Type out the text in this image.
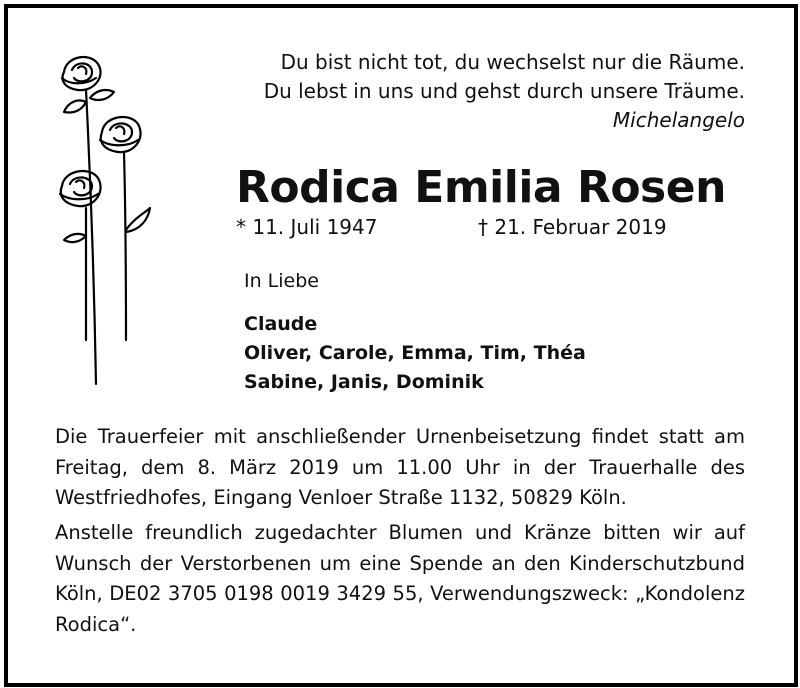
Du bist nicht tot, du wechselst nur die Räume.
Du lebst in uns und gehst durch unsere Träume.
Michelangelo
Rodica Emilia Rosen
* 11. Juli 1947	† 21. Februar 2019
In Liebe
Claude
Oliver, Carole, Emma, Tim, Théa
Sabine, Janis, Dominik
Die Trauerfeier mit anschließender Urnenbeisetzung findet statt am Freitag, dem 8. März 2019 um 11.00 Uhr in der Trauerhalle des Westfriedhofes, Eingang Venloer Straße 1132, 50829 Köln.
Anstelle freundlich zugedachter Blumen und Kränze bitten wir auf Wunsch der Verstorbenen um eine Spende an den Kinderschutzbund Köln, DE02 3705 0198 0019 3429 55, Verwendungszweck: „Kondolenz Rodica“.
